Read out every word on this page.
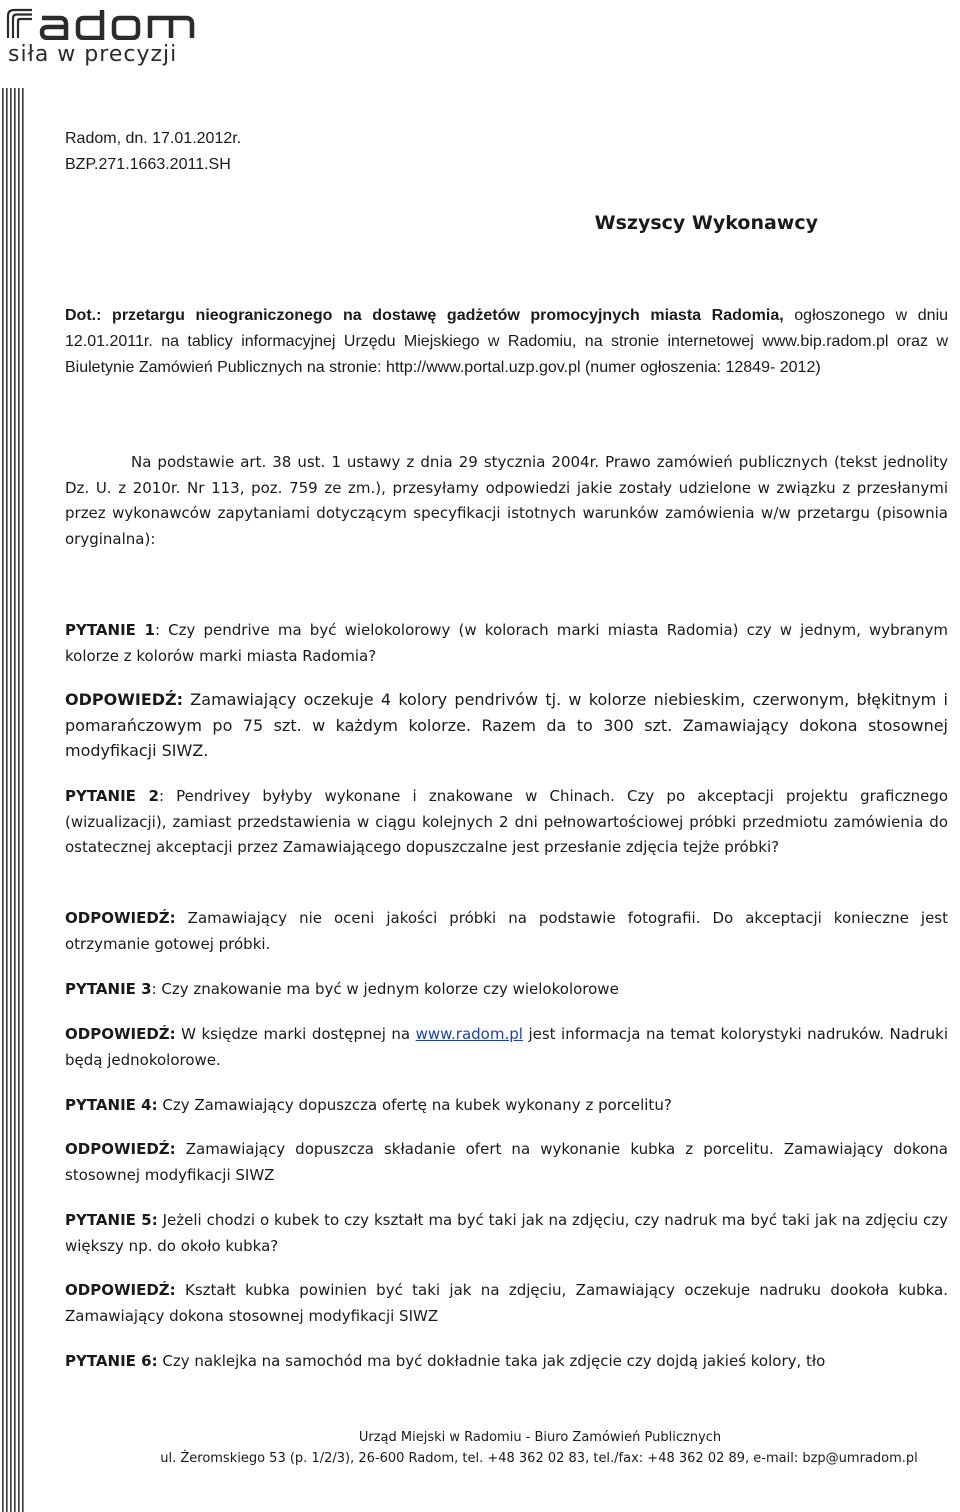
siła w precyzji
Radom, dn. 17.01.2012r.
BZP.271.1663.2011.SH
Wszyscy Wykonawcy

Dot.: przetargu nieograniczonego na dostawę gadżetów promocyjnych miasta Radomia, ogłoszonego w dniu 12.01.2011r. na tablicy informacyjnej Urzędu Miejskiego w Radomiu, na stronie internetowej www.bip.radom.pl oraz w Biuletynie Zamówień Publicznych na stronie: http://www.portal.uzp.gov.pl (numer ogłoszenia: 12849- 2012)

Na podstawie art. 38 ust. 1 ustawy z dnia 29 stycznia 2004r. Prawo zamówień publicznych (tekst jednolity Dz. U. z 2010r. Nr 113, poz. 759 ze zm.), przesyłamy odpowiedzi jakie zostały udzielone w związku z przesłanymi przez wykonawców zapytaniami dotyczącym specyfikacji istotnych warunków zamówienia w/w przetargu (pisownia oryginalna):

PYTANIE 1: Czy pendrive ma być wielokolorowy (w kolorach marki miasta Radomia) czy w jednym, wybranym kolorze z kolorów marki miasta Radomia?

ODPOWIEDŹ: Zamawiający oczekuje 4 kolory pendrivów tj. w kolorze niebieskim, czerwonym, błękitnym i pomarańczowym po 75 szt. w każdym kolorze. Razem da to 300 szt. Zamawiający dokona stosownej modyfikacji SIWZ.

PYTANIE 2: Pendrivey byłyby wykonane i znakowane w Chinach. Czy po akceptacji projektu graficznego (wizualizacji), zamiast przedstawienia w ciągu kolejnych 2 dni pełnowartościowej próbki przedmiotu zamówienia do ostatecznej akceptacji przez Zamawiającego dopuszczalne jest przesłanie zdjęcia tejże próbki?

ODPOWIEDŹ: Zamawiający nie oceni jakości próbki na podstawie fotografii. Do akceptacji konieczne jest otrzymanie gotowej próbki.

PYTANIE 3: Czy znakowanie ma być w jednym kolorze czy wielokolorowe

ODPOWIEDŹ: W księdze marki dostępnej na www.radom.pl jest informacja na temat kolorystyki nadruków. Nadruki będą jednokolorowe.

PYTANIE 4: Czy Zamawiający dopuszcza ofertę na kubek wykonany z porcelitu?

ODPOWIEDŹ: Zamawiający dopuszcza składanie ofert na wykonanie kubka z porcelitu. Zamawiający dokona stosownej modyfikacji SIWZ

PYTANIE 5: Jeżeli chodzi o kubek to czy kształt ma być taki jak na zdjęciu, czy nadruk ma być taki jak na zdjęciu czy większy np. do około kubka?

ODPOWIEDŹ: Kształt kubka powinien być taki jak na zdjęciu, Zamawiający oczekuje nadruku dookoła kubka. Zamawiający dokona stosownej modyfikacji SIWZ

PYTANIE 6: Czy naklejka na samochód ma być dokładnie taka jak zdjęcie czy dojdą jakieś kolory, tło

Urząd Miejski w Radomiu - Biuro Zamówień Publicznych
ul. Żeromskiego 53 (p. 1/2/3), 26-600 Radom, tel. +48 362 02 83, tel./fax: +48 362 02 89, e-mail: bzp@umradom.pl
